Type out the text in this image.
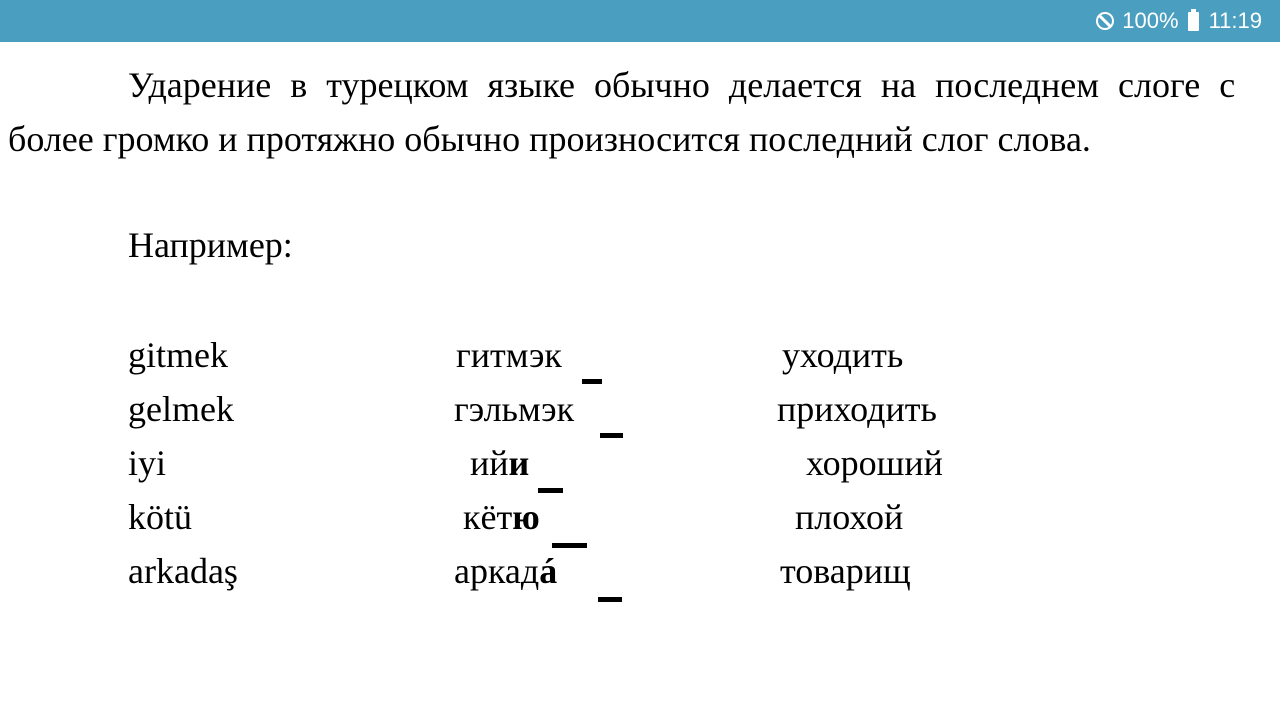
100% 11:19
Ударение в турецком языке обычно делается на последнем слоге с
более громко и протяжно обычно произносится последний слог слова.
Например:
gitmek	гитмэк	уходить
gelmek	гэльмэк	приходить
iyi	ийи	хороший
kötü	кётю	плохой
arkadaş	аркадá	товарищ
